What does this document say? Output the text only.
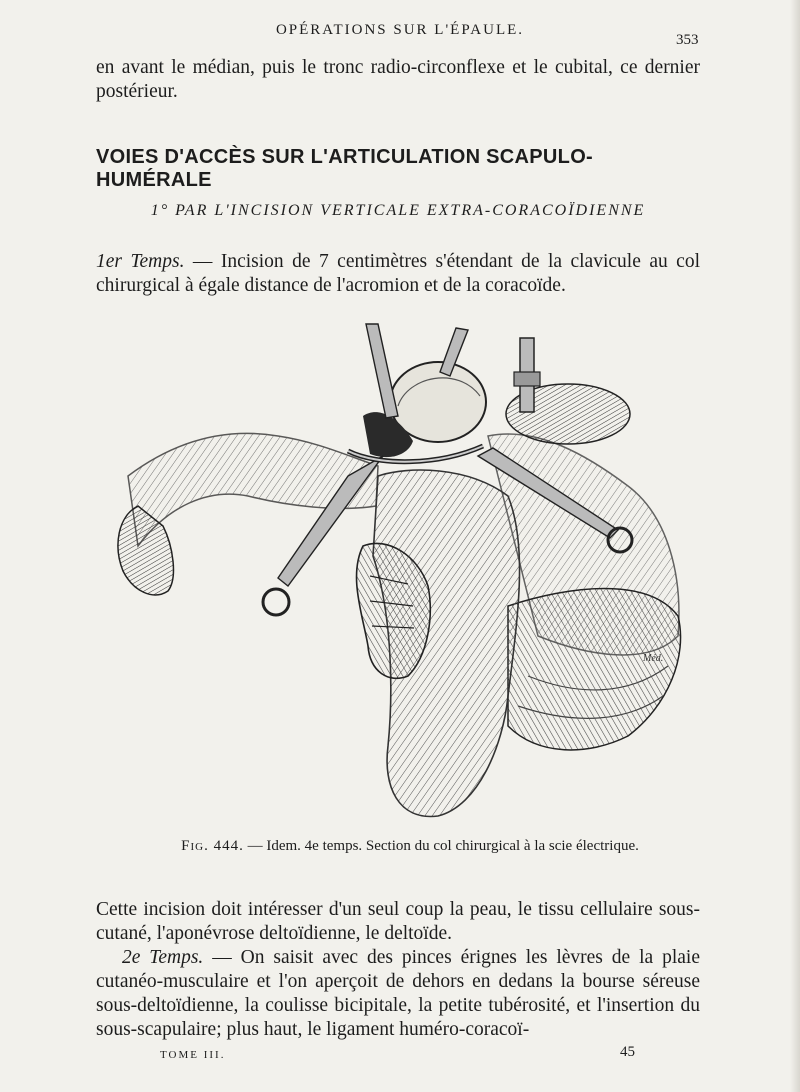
OPÉRATIONS SUR L'ÉPAULE.
353
en avant le médian, puis le tronc radio-circonflexe et le cubital, ce dernier postérieur.
VOIES D'ACCÈS SUR L'ARTICULATION SCAPULO-HUMÉRALE
1° PAR L'INCISION VERTICALE EXTRA-CORACOÏDIENNE
1er Temps. — Incision de 7 centimètres s'étendant de la clavicule au col chirurgical à égale distance de l'acromion et de la coracoïde.
Méd.
Fig. 444. — Idem. 4e temps. Section du col chirurgical à la scie électrique.
Cette incision doit intéresser d'un seul coup la peau, le tissu cellulaire sous-cutané, l'aponévrose deltoïdienne, le deltoïde.
2e Temps. — On saisit avec des pinces érignes les lèvres de la plaie cutanéo-musculaire et l'on aperçoit de dehors en dedans la bourse séreuse sous-deltoïdienne, la coulisse bicipitale, la petite tubérosité, et l'insertion du sous-scapulaire; plus haut, le ligament huméro-coracoï-
TOME III.	45
